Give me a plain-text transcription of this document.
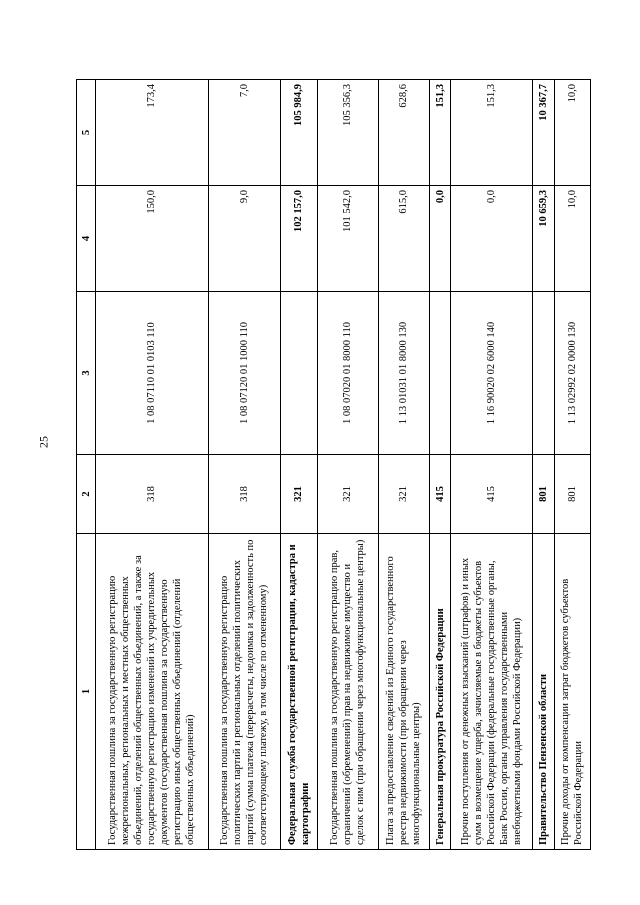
25
1	2	3	4	5
Государственная пошлина за государственную регистрацию межрегиональных, региональных и местных общественных объединений, отделений общественных объединений, а также за государственную регистрацию изменений их учредительных документов (государственная пошлина за государственную регистрацию иных общественных объединений (отделений общественных объединений)	318	1 08 07110 01 0103 110	150,0	173,4
Государственная пошлина за государственную регистрацию политических партий и региональных отделений политических партий (сумма платежа (перерасчеты, недоимка и задолженность по соответствующему платежу, в том числе по отмененному)	318	1 08 07120 01 1000 110	9,0	7,0
Федеральная служба государственной регистрации, кадастра и картографии	321		102 157,0	105 984,9
Государственная пошлина за государственную регистрацию прав, ограничений (обременений) прав на недвижимое имущество и сделок с ним (при обращении через многофункциональные центры)	321	1 08 07020 01 8000 110	101 542,0	105 356,3
Плата за предоставление сведений из Единого государственного реестра недвижимости (при обращении через многофункциональные центры)	321	1 13 01031 01 8000 130	615,0	628,6
Генеральная прокуратура Российской Федерации	415		0,0	151,3
Прочие поступления от денежных взысканий (штрафов) и иных сумм в возмещение ущерба, зачисляемые в бюджеты субъектов Российской Федерации (федеральные государственные органы, Банк России, органы управления государственными внебюджетными фондами Российской Федерации)	415	1 16 90020 02 6000 140	0,0	151,3
Правительство Пензенской области	801		10 659,3	10 367,7
Прочие доходы от компенсации затрат бюджетов субъектов Российской Федерации	801	1 13 02992 02 0000 130	10,0	10,0
